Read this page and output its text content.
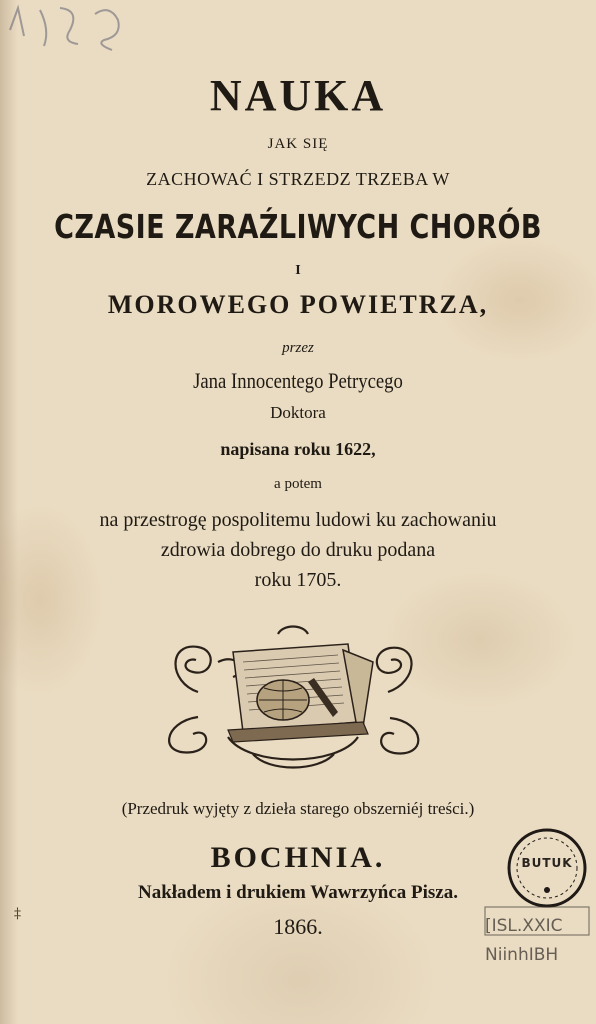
NAUKA
JAK SIĘ
ZACHOWAĆ I STRZEDZ TRZEBA W
CZASIE ZARAŹLIWYCH CHORÓB
I
MOROWEGO POWIETRZA,
przez
Jana Innocentego Petrycego
Doktora
napisana roku 1622,
a potem
na przestrogę pospolitemu ludowi ku zachowaniu
zdrowia dobrego do druku podana
roku 1705.
(Przedruk wyjęty z dzieła starego obszerniéj treści.)
BOCHNIA.
Nakładem i drukiem Wawrzyńca Pisza.
1866.
BUTUK
[ISL.XXIC
NiinhIBH
‡
